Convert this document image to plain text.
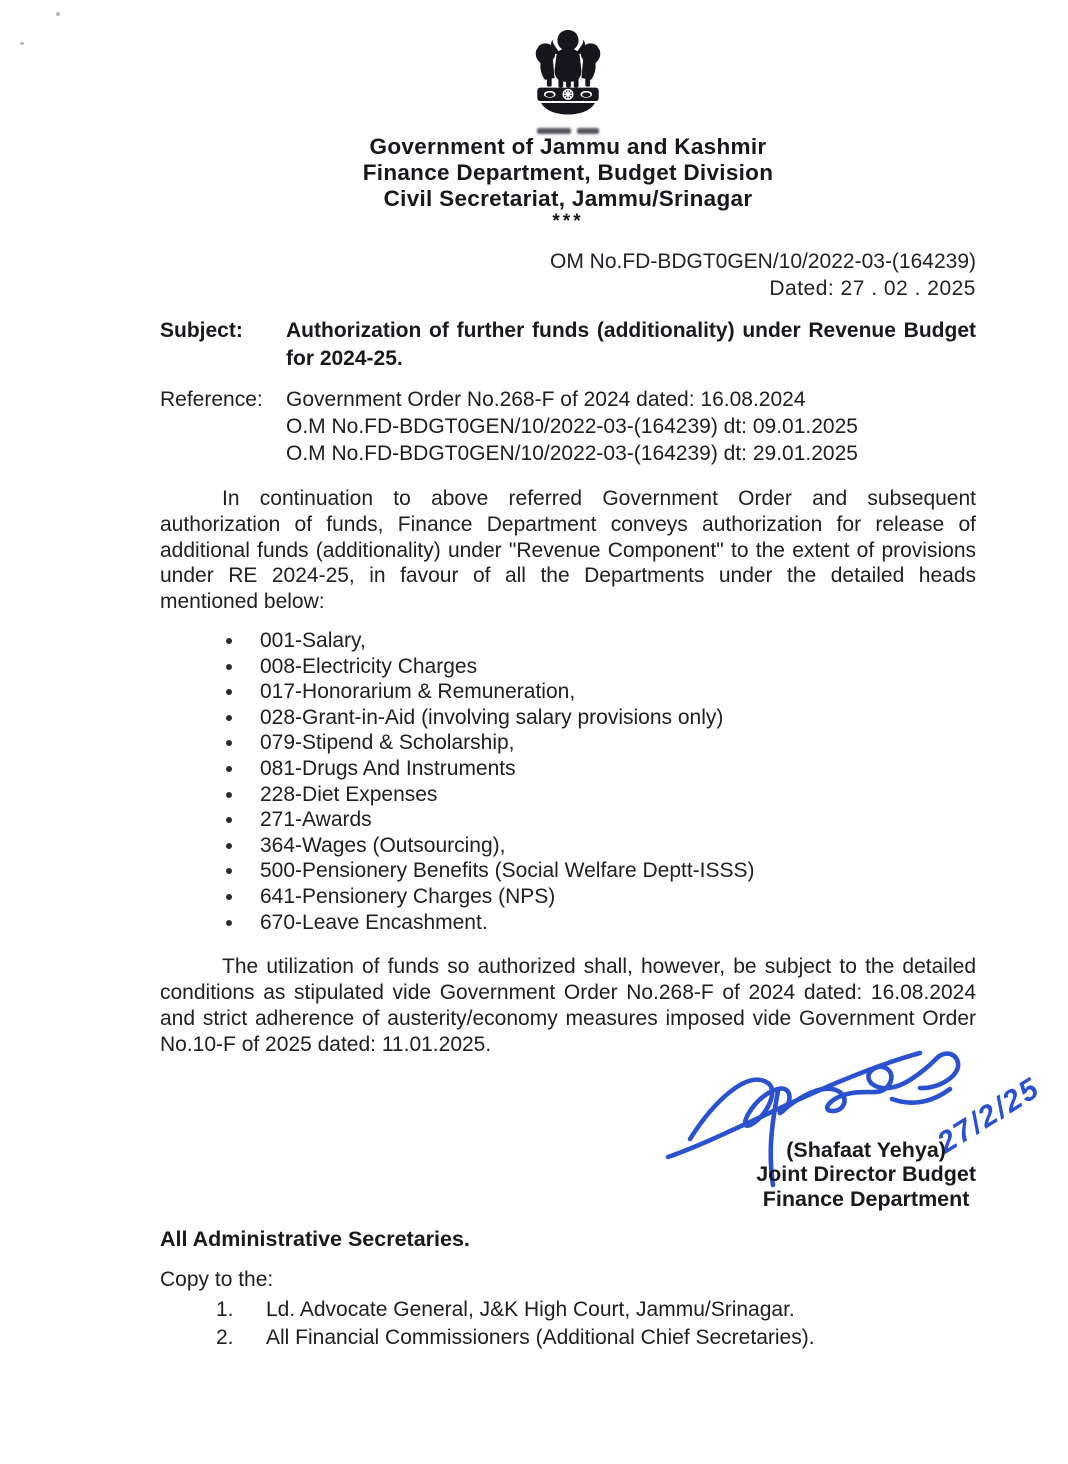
Government of Jammu and Kashmir
Finance Department, Budget Division
Civil Secretariat, Jammu/Srinagar
***
OM No.FD-BDGT0GEN/10/2022-03-(164239)
Dated: 27 . 02 . 2025
Subject:	Authorization of further funds (additionality) under Revenue Budget for 2024-25.
Reference:	Government Order No.268-F of 2024 dated: 16.08.2024
O.M No.FD-BDGT0GEN/10/2022-03-(164239) dt: 09.01.2025
O.M No.FD-BDGT0GEN/10/2022-03-(164239) dt: 29.01.2025
In continuation to above referred Government Order and subsequent authorization of funds, Finance Department conveys authorization for release of additional funds (additionality) under "Revenue Component" to the extent of provisions under RE 2024-25, in favour of all the Departments under the detailed heads mentioned below:
001-Salary,
008-Electricity Charges
017-Honorarium & Remuneration,
028-Grant-in-Aid (involving salary provisions only)
079-Stipend & Scholarship,
081-Drugs And Instruments
228-Diet Expenses
271-Awards
364-Wages (Outsourcing),
500-Pensionery Benefits (Social Welfare Deptt-ISSS)
641-Pensionery Charges (NPS)
670-Leave Encashment.
The utilization of funds so authorized shall, however, be subject to the detailed conditions as stipulated vide Government Order No.268-F of 2024 dated: 16.08.2024 and strict adherence of austerity/economy measures imposed vide Government Order No.10-F of 2025 dated: 11.01.2025.
27/2/25
(Shafaat Yehya)
Joint Director Budget
Finance Department
All Administrative Secretaries.
Copy to the:
1.	Ld. Advocate General, J&K High Court, Jammu/Srinagar.
2.	All Financial Commissioners (Additional Chief Secretaries).
